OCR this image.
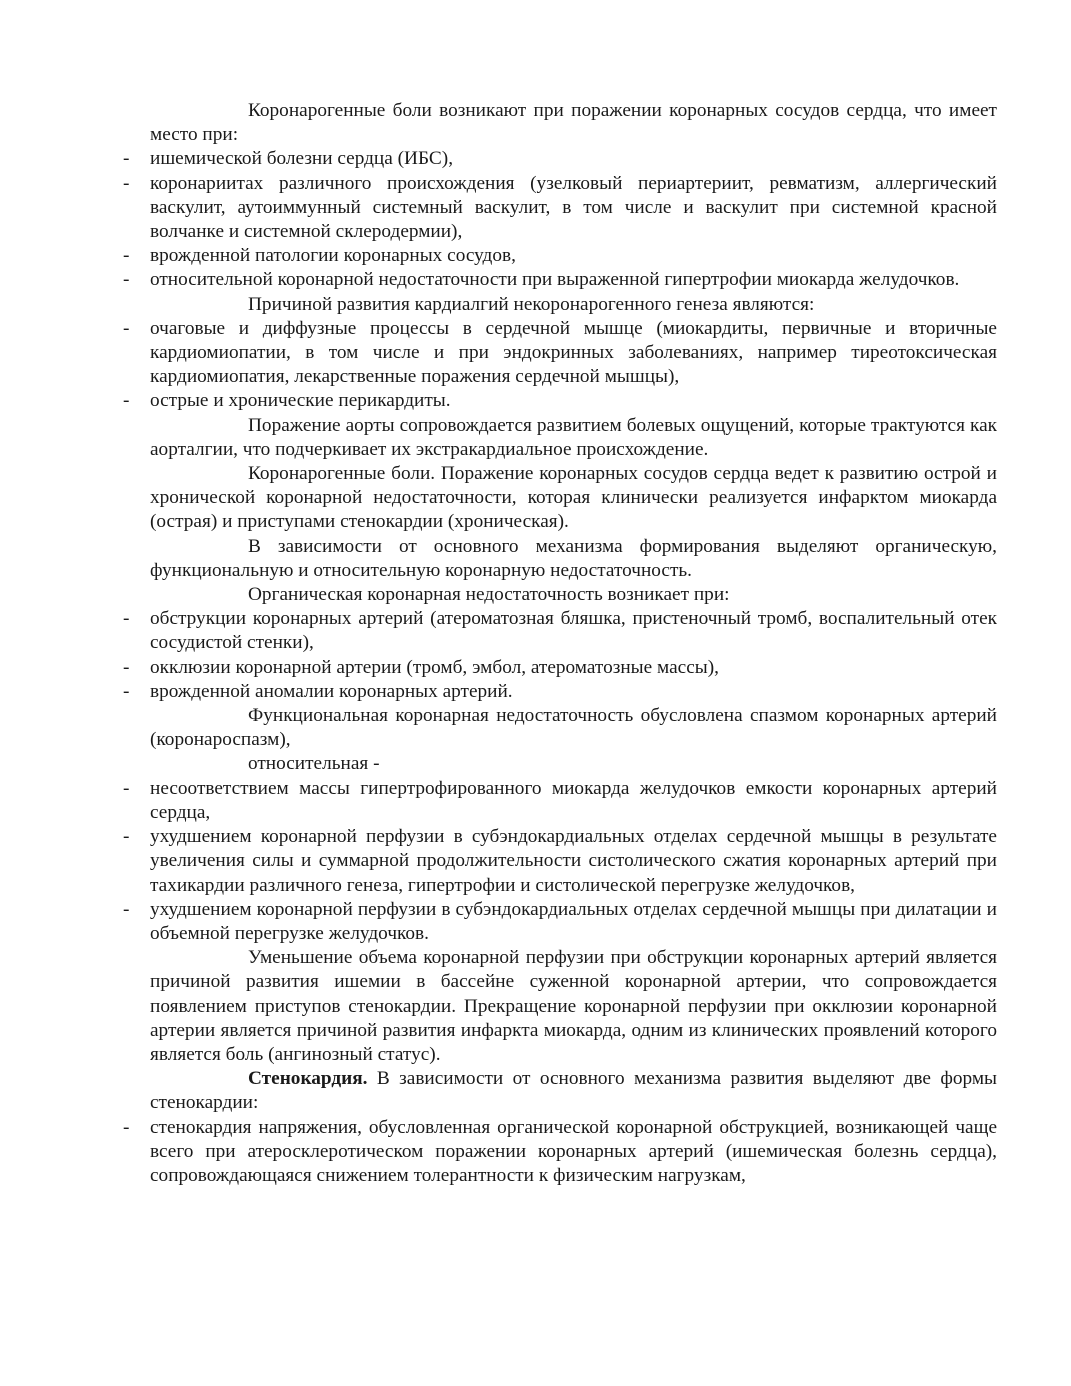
Коронарогенные боли возникают при поражении коронарных сосудов сердца, что имеет место при:

- ишемической болезни сердца (ИБС),
- коронариитах различного происхождения (узелковый периартериит, ревматизм, аллергический васкулит, аутоиммунный системный васкулит, в том числе и васкулит при системной красной волчанке и системной склеродермии),
- врожденной патологии коронарных сосудов,
- относительной коронарной недостаточности при выраженной гипертрофии миокарда желудочков.

Причиной развития кардиалгий некоронарогенного генеза являются:

- очаговые и диффузные процессы в сердечной мышце (миокардиты, первичные и вторичные кардиомиопатии, в том числе и при эндокринных заболеваниях, например тиреотоксическая кардиомиопатия, лекарственные поражения сердечной мышцы),
- острые и хронические перикардиты.

Поражение аорты сопровождается развитием болевых ощущений, которые трактуются как аорталгии, что подчеркивает их экстракардиальное происхождение.

Коронарогенные боли. Поражение коронарных сосудов сердца ведет к развитию острой и хронической коронарной недостаточности, которая клинически реализуется инфарктом миокарда (острая) и приступами стенокардии (хроническая).

В зависимости от основного механизма формирования выделяют органическую, функциональную и относительную коронарную недостаточность.

Органическая коронарная недостаточность возникает при:

- обструкции коронарных артерий (атероматозная бляшка, пристеночный тромб, воспалительный отек сосудистой стенки),
- окклюзии коронарной артерии (тромб, эмбол, атероматозные массы),
- врожденной аномалии коронарных артерий.

Функциональная коронарная недостаточность обусловлена спазмом коронарных артерий (коронароспазм),

относительная -

- несоответствием массы гипертрофированного миокарда желудочков емкости коронарных артерий сердца,
- ухудшением коронарной перфузии в субэндокардиальных отделах сердечной мышцы в результате увеличения силы и суммарной продолжительности систолического сжатия коронарных артерий при тахикардии различного генеза, гипертрофии и систолической перегрузке желудочков,
- ухудшением коронарной перфузии в субэндокардиальных отделах сердечной мышцы при дилатации и объемной перегрузке желудочков.

Уменьшение объема коронарной перфузии при обструкции коронарных артерий является причиной развития ишемии в бассейне суженной коронарной артерии, что сопровождается появлением приступов стенокардии. Прекращение коронарной перфузии при окклюзии коронарной артерии является причиной развития инфаркта миокарда, одним из клинических проявлений которого является боль (ангинозный статус).

Стенокардия. В зависимости от основного механизма развития выделяют две формы стенокардии:

- стенокардия напряжения, обусловленная органической коронарной обструкцией, возникающей чаще всего при атеросклеротическом поражении коронарных артерий (ишемическая болезнь сердца), сопровождающаяся снижением толерантности к физическим нагрузкам,
